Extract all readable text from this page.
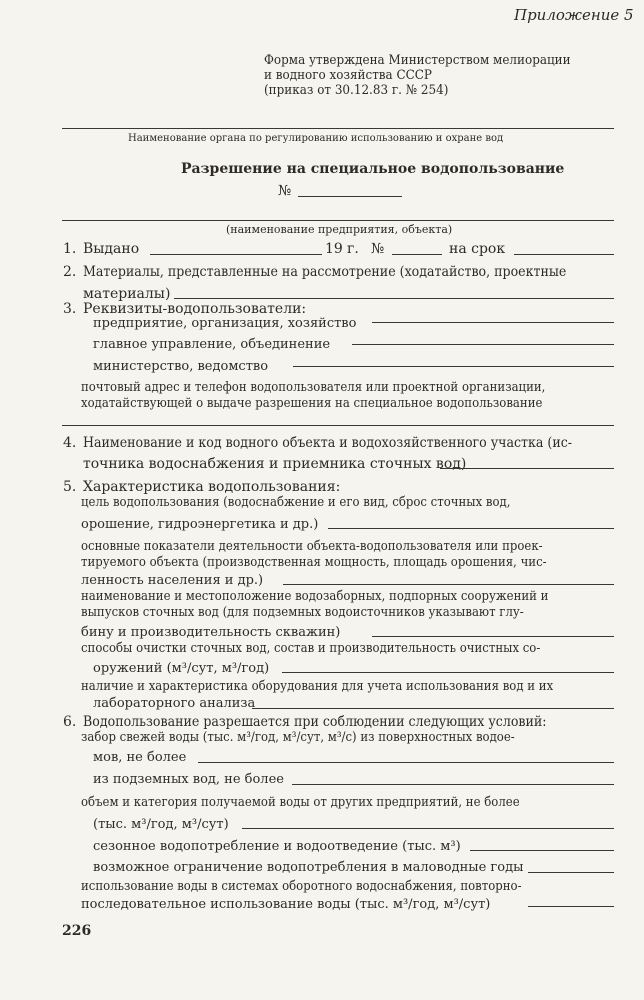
Приложение 5
Форма утверждена Министерством мелиорации
и водного хозяйства СССР
(приказ от 30.12.83 г. № 254)
Наименование органа по регулированию использованию и охране вод
Разрешение на специальное водопользование
№
(наименование предприятия, объекта)
1. Выдано	19 г. №	на срок
2. Материалы, представленные на рассмотрение (ходатайство, проектные
материалы)
3. Реквизиты-водопользователи:
предприятие, организация, хозяйство
главное управление, объединение
министерство, ведомство
почтовый адрес и телефон водопользователя или проектной организации,
ходатайствующей о выдаче разрешения на специальное водопользование
4. Наименование и код водного объекта и водохозяйственного участка (ис-
точника водоснабжения и приемника сточных вод)
5. Характеристика водопользования:
цель водопользования (водоснабжение и его вид, сброс сточных вод,
орошение, гидроэнергетика и др.)
основные показатели деятельности объекта-водопользователя или проек-
тируемого объекта (производственная мощность, площадь орошения, чис-
ленность населения и др.)
наименование и местоположение водозаборных, подпорных сооружений и
выпусков сточных вод (для подземных водоисточников указывают глу-
бину и производительность скважин)
способы очистки сточных вод, состав и производительность очистных со-
оружений (м³/сут, м³/год)
наличие и характеристика оборудования для учета использования вод и их
лабораторного анализа
6. Водопользование разрешается при соблюдении следующих условий:
забор свежей воды (тыс. м³/год, м³/сут, м³/с) из поверхностных водое-
мов, не более
из подземных вод, не более
объем и категория получаемой воды от других предприятий, не более
(тыс. м³/год, м³/сут)
сезонное водопотребление и водоотведение (тыс. м³)
возможное ограничение водопотребления в маловодные годы
использование воды в системах оборотного водоснабжения, повторно-
последовательное использование воды (тыс. м³/год, м³/сут)
226
